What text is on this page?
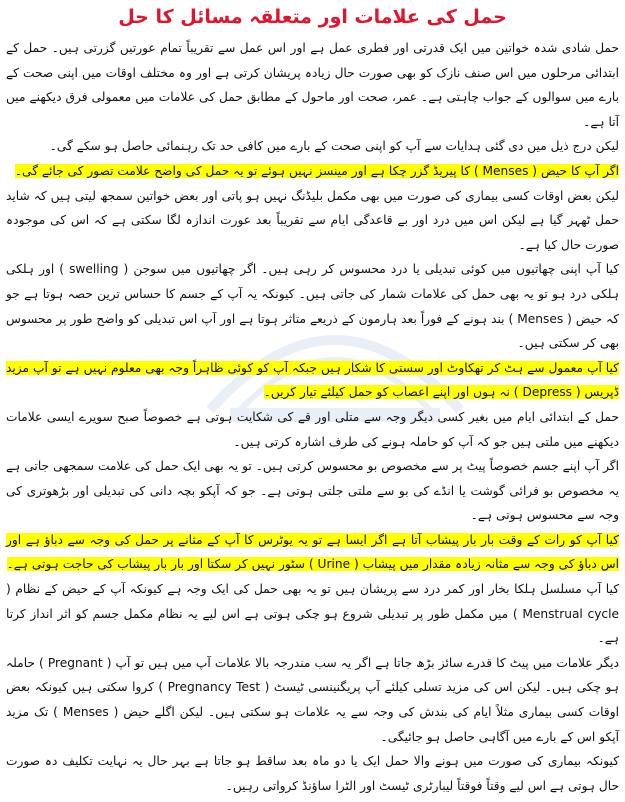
حمل کی علامات اور متعلقہ مسائل کا حل

حمل شادی شدہ خواتین میں ایک قدرتی اور فطری عمل ہے اور اس عمل سے تقریباً تمام عورتیں گزرتی ہیں۔ حمل کے ابتدائی مرحلوں میں اس صنف نازک کو بھی صورت حال زیادہ پریشان کرتی ہے اور وہ مختلف اوقات میں اپنی صحت کے بارے میں سوالوں کے جواب چاہتی ہے۔ عمر، صحت اور ماحول کے مطابق حمل کی علامات میں معمولی فرق دیکھنے میں آتا ہے۔

لیکن درج ذیل میں دی گئی ہدایات سے آپ کو اپنی صحت کے بارے میں کافی حد تک رہنمائی حاصل ہو سکے گی۔

اگر آپ کا حیض ( Menses ) کا پیریڈ گزر چکا ہے اور مینسز نہیں ہوئے تو یہ حمل کی واضح علامت تصور کی جائے گی۔

لیکن بعض اوقات کسی بیماری کی صورت میں بھی مکمل بلیڈنگ نہیں ہو پاتی اور بعض خواتین سمجھ لیتی ہیں کہ شاید حمل ٹھہر گیا ہے لیکن اس میں درد اور بے قاعدگی ایام سے تقریباً بعد عورت اندازہ لگا سکتی ہے کہ اس کی موجودہ صورت حال کیا ہے۔

کیا آپ اپنی چھاتیوں میں کوئی تبدیلی یا درد محسوس کر رہی ہیں۔ اگر چھاتیوں میں سوجن ( swelling ) اور ہلکی ہلکی درد ہو تو یہ بھی حمل کی علامات شمار کی جاتی ہیں۔ کیونکہ یہ آپ کے جسم کا حساس ترین حصہ ہوتا ہے جو کہ حیض ( Menses ) بند ہونے کے فوراً بعد ہارمون کے ذریعے متاثر ہوتا ہے اور آپ اس تبدیلی کو واضح طور پر محسوس بھی کر سکتی ہیں۔

کیا آپ معمول سے ہٹ کر تھکاوٹ اور سستی کا شکار ہیں جبکہ آپ کو کوئی ظاہراً وجہ بھی معلوم نہیں ہے تو آپ مزید ڈپریس ( Depress ) نہ ہوں اور اپنے اعصاب کو حمل کیلئے تیار کریں۔

حمل کے ابتدائی ایام میں بغیر کسی دیگر وجہ سے متلی اور قے کی شکایت ہوتی ہے خصوصاً صبح سویرے ایسی علامات دیکھنے میں ملتی ہیں جو کہ آپ کو حاملہ ہونے کی طرف اشارہ کرتی ہیں۔

اگر آپ اپنے جسم خصوصاً پیٹ پر سے مخصوص بو محسوس کرتی ہیں۔ تو یہ بھی ایک حمل کی علامت سمجھی جاتی ہے یہ مخصوص بو فرائی گوشت یا انڈے کی بو سے ملتی جلتی ہوتی ہے۔ جو کہ آپکو بچہ دانی کی تبدیلی اور بڑھوتری کی وجہ سے محسوس ہوتی ہے۔

کیا آپ کو رات کے وقت بار بار پیشاب آتا ہے اگر ایسا ہے تو یہ یوٹرس کا آپ کے مثانے پر حمل کی وجہ سے دباؤ ہے اور اس دباؤ کی وجہ سے مثانہ زیادہ مقدار میں پیشاب ( Urine ) سٹور نہیں کر سکتا اور بار بار پیشاب کی حاجت ہوتی ہے۔

کیا آپ مسلسل ہلکا بخار اور کمر درد سے پریشان ہیں تو یہ بھی حمل کی ایک وجہ ہے کیونکہ آپ کے حیض کے نظام ( Menstrual cycle ) میں مکمل طور پر تبدیلی شروع ہو چکی ہوتی ہے اس لیے یہ نظام مکمل جسم کو اثر انداز کرتا ہے۔

دیگر علامات میں پیٹ کا قدرے سائز بڑھ جاتا ہے اگر یہ سب مندرجہ بالا علامات آپ میں ہیں تو آپ ( Pregnant ) حاملہ ہو چکی ہیں۔ لیکن اس کی مزید تسلی کیلئے آپ پریگنینسی ٹیسٹ ( Pregnancy Test ) کروا سکتی ہیں کیونکہ بعض اوقات کسی بیماری مثلاً ایام کی بندش کی وجہ سے یہ علامات ہو سکتی ہیں۔ لیکن اگلے حیض ( Menses ) تک مزید آپکو اس کے بارے میں آگاہی حاصل ہو جائیگی۔

کیونکہ بیماری کی صورت میں ہونے والا حمل ایک یا دو ماہ بعد ساقط ہو جاتا ہے بہر حال یہ نہایت تکلیف دہ صورت حال ہوتی ہے اس لیے وقتاً فوقتاً لیبارٹری ٹیسٹ اور الٹرا ساؤنڈ کرواتی رہیں۔
